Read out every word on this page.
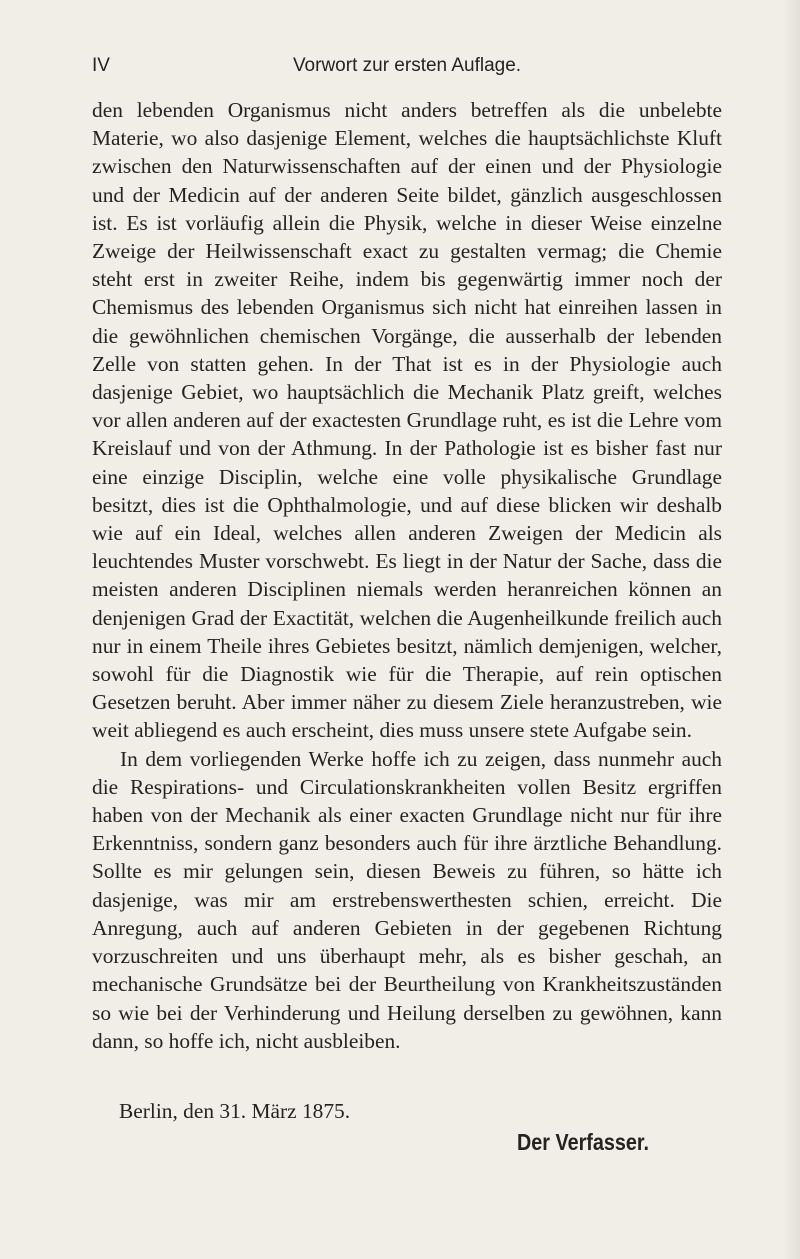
IV	Vorwort zur ersten Auflage.

den lebenden Organismus nicht anders betreffen als die unbelebte Materie, wo also dasjenige Element, welches die hauptsächlichste Kluft zwischen den Naturwissenschaften auf der einen und der Physiologie und der Medicin auf der anderen Seite bildet, gänzlich ausgeschlossen ist. Es ist vorläufig allein die Physik, welche in dieser Weise einzelne Zweige der Heilwissenschaft exact zu gestalten vermag; die Chemie steht erst in zweiter Reihe, indem bis gegenwärtig immer noch der Chemismus des lebenden Organismus sich nicht hat einreihen lassen in die gewöhnlichen chemischen Vorgänge, die ausserhalb der lebenden Zelle von statten gehen. In der That ist es in der Physiologie auch dasjenige Gebiet, wo hauptsächlich die Mechanik Platz greift, welches vor allen anderen auf der exactesten Grundlage ruht, es ist die Lehre vom Kreislauf und von der Athmung. In der Pathologie ist es bisher fast nur eine einzige Disciplin, welche eine volle physikalische Grundlage besitzt, dies ist die Ophthalmologie, und auf diese blicken wir deshalb wie auf ein Ideal, welches allen anderen Zweigen der Medicin als leuchtendes Muster vorschwebt. Es liegt in der Natur der Sache, dass die meisten anderen Disciplinen niemals werden heranreichen können an denjenigen Grad der Exactität, welchen die Augenheilkunde freilich auch nur in einem Theile ihres Gebietes besitzt, nämlich demjenigen, welcher, sowohl für die Diagnostik wie für die Therapie, auf rein optischen Gesetzen beruht. Aber immer näher zu diesem Ziele heranzustreben, wie weit abliegend es auch erscheint, dies muss unsere stete Aufgabe sein.

In dem vorliegenden Werke hoffe ich zu zeigen, dass nunmehr auch die Respirations- und Circulationskrankheiten vollen Besitz ergriffen haben von der Mechanik als einer exacten Grundlage nicht nur für ihre Erkenntniss, sondern ganz besonders auch für ihre ärztliche Behandlung. Sollte es mir gelungen sein, diesen Beweis zu führen, so hätte ich dasjenige, was mir am erstrebenswerthesten schien, erreicht. Die Anregung, auch auf anderen Gebieten in der gegebenen Richtung vorzuschreiten und uns überhaupt mehr, als es bisher geschah, an mechanische Grundsätze bei der Beurtheilung von Krankheitszuständen so wie bei der Verhinderung und Heilung derselben zu gewöhnen, kann dann, so hoffe ich, nicht ausbleiben.

Berlin, den 31. März 1875.
Der Verfasser.
